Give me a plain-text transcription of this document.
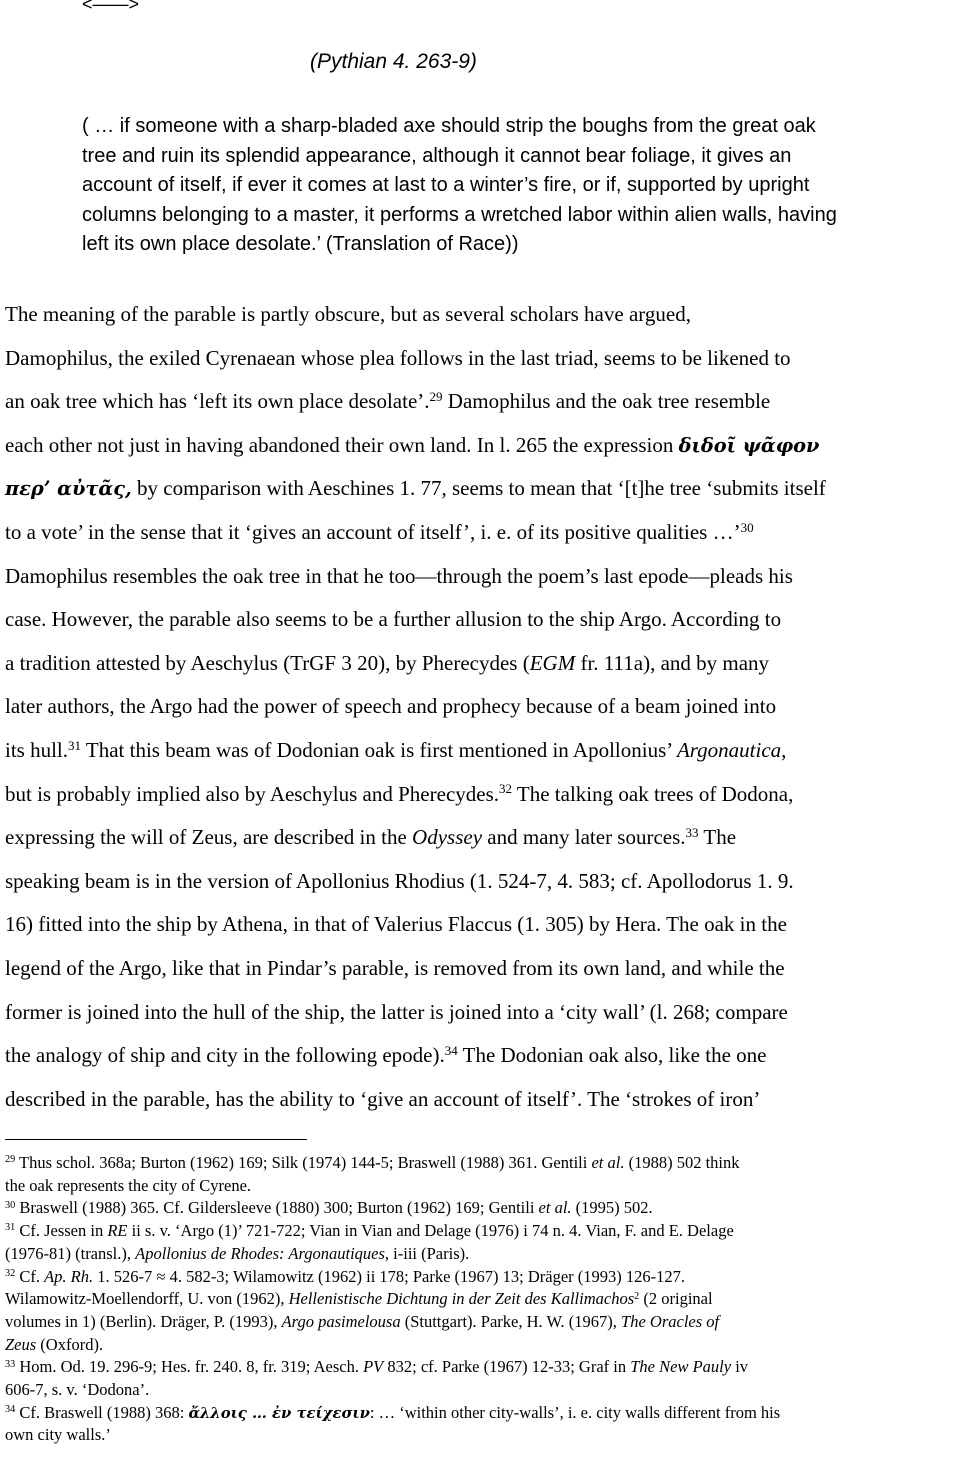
<——>
(Pythian 4. 263-9)
( … if someone with a sharp-bladed axe should strip the boughs from the great oak
tree and ruin its splendid appearance, although it cannot bear foliage, it gives an
account of itself, if ever it comes at last to a winter’s fire, or if, supported by upright
columns belonging to a master, it performs a wretched labor within alien walls, having
left its own place desolate.’ (Translation of Race))
The meaning of the parable is partly obscure, but as several scholars have argued,
Damophilus, the exiled Cyrenaean whose plea follows in the last triad, seems to be likened to
an oak tree which has ‘left its own place desolate’.$^{29}$ Damophilus and the oak tree resemble
each other not just in having abandoned their own land. In l. 265 the expression διδοῖ ψᾶφον
περ’ αὐτᾶς, by comparison with Aeschines 1. 77, seems to mean that ‘[t]he tree ‘submits itself
to a vote’ in the sense that it ‘gives an account of itself’, i. e. of its positive qualities …’$^{30}$
Damophilus resembles the oak tree in that he too—through the poem’s last epode—pleads his
case. However, the parable also seems to be a further allusion to the ship Argo. According to
a tradition attested by Aeschylus (TrGF 3 20), by Pherecydes (EGM fr. 111a), and by many
later authors, the Argo had the power of speech and prophecy because of a beam joined into
its hull.$^{31}$ That this beam was of Dodonian oak is first mentioned in Apollonius’ Argonautica,
but is probably implied also by Aeschylus and Pherecydes.$^{32}$ The talking oak trees of Dodona,
expressing the will of Zeus, are described in the Odyssey and many later sources.$^{33}$ The
speaking beam is in the version of Apollonius Rhodius (1. 524-7, 4. 583; cf. Apollodorus 1. 9.
16) fitted into the ship by Athena, in that of Valerius Flaccus (1. 305) by Hera. The oak in the
legend of the Argo, like that in Pindar’s parable, is removed from its own land, and while the
former is joined into the hull of the ship, the latter is joined into a ‘city wall’ (l. 268; compare
the analogy of ship and city in the following epode).$^{34}$ The Dodonian oak also, like the one
described in the parable, has the ability to ‘give an account of itself’. The ‘strokes of iron’
$^{29}$ Thus schol. 368a; Burton (1962) 169; Silk (1974) 144-5; Braswell (1988) 361. Gentili et al. (1988) 502 think
the oak represents the city of Cyrene.
$^{30}$ Braswell (1988) 365. Cf. Gildersleeve (1880) 300; Burton (1962) 169; Gentili et al. (1995) 502.
$^{31}$ Cf. Jessen in RE ii s. v. ‘Argo (1)’ 721-722; Vian in Vian and Delage (1976) i 74 n. 4. Vian, F. and E. Delage
(1976-81) (transl.), Apollonius de Rhodes: Argonautiques, i-iii (Paris).
$^{32}$ Cf. Ap. Rh. 1. 526-7 ≈ 4. 582-3; Wilamowitz (1962) ii 178; Parke (1967) 13; Dräger (1993) 126-127.
Wilamowitz-Moellendorff, U. von (1962), Hellenistische Dichtung in der Zeit des Kallimachos$^2$ (2 original
volumes in 1) (Berlin). Dräger, P. (1993), Argo pasimelousa (Stuttgart). Parke, H. W. (1967), The Oracles of
Zeus (Oxford).
$^{33}$ Hom. Od. 19. 296-9; Hes. fr. 240. 8, fr. 319; Aesch. PV 832; cf. Parke (1967) 12-33; Graf in The New Pauly iv
606-7, s. v. ‘Dodona’.
$^{34}$ Cf. Braswell (1988) 368: ἄλλοις … ἐν τείχεσιν: … ‘within other city-walls’, i. e. city walls different from his
own city walls.’
